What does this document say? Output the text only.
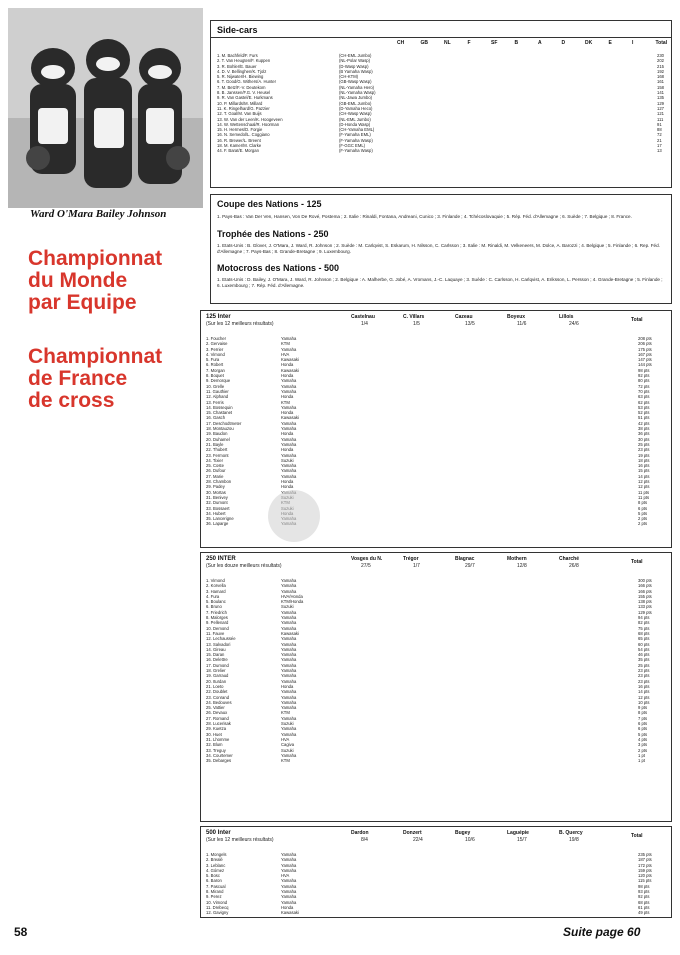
Ward O'Mara Bailey Johnson
Championnat
du Monde
par Equipe
Championnat
de France
de cross
Side-cars
CH	GB	NL	F	SF	B	A	D	DK	E	I	Total
1. M. Bachfeld/F. Furs	(CH-EML Jumbo)	230
2. T. Van Heugten/F. Kuppen	(NL-Polar Wasp)	202
3. R. Bohler/E. Bauer	(D-Wasp Wasp)	215
4. D. V. Bellinghen/K. Tjolz	(B Yamaha Wasp)	192
5. R. Nijwater/H. Biewing	(CH-KTM)	168
6. T. Good/G. Withers/A. Hunter	(GB-Wasp Wasp)	161
7. M. Betz/F.-V. Deutekom	(NL-Yamaha Hero)	158
8. B. Janssen/F.G. V. Heusel	(NL-Yamaha Wasp)	141
9. R. Van Gastel/E. Hurkmans	(NL-Jawa Jumbo)	135
10. P. Millards/M. Millard	(GB-EML Jumbo)	129
11. K. Ringelhard/G. Pazzier	(D-Yamaha Heco)	127
12. T. Goal/M. Van Buijs	(CH-Wasp Wasp)	121
13. W. Van der Leen/K. Hoogeveen	(NL-EML Jumbo)	111
14. W. Wettenschaal/R. Hoorman	(D-Honda Wasp)	91
15. H. Hermes/D. Forgie	(CH-Yamaha EML)	88
16. N. Semedol/L. Coggiano	(F-Yamaha EML)	72
16. R. Brewer/L. Breent	(F-Yamaha Wasp)	21
18. M. Kamer/M. Clarke	(F-GGC EML)	17
44. F. Barat/E. Morgan	(F-Yamaha Wasp)	13
Coupe des Nations - 125
1. Pays-Bas : Van Der Ven, Hansen, Von De Rové, Postema ; 2. Italie : Rinaldi, Fontana, Andreani, Cunico ; 3. Finlande ; 4. Tchécoslovaquie ; 5. Rép. Féd. d'Allemagne ; 6. Suède ; 7. Belgique ; 8. France.
Trophée des Nations - 250
1. Etats-Unis : B. Glover, J. O'Mara, J. Ward, R. Johnson ; 2. Suède : M. Carlqvist, S. Eskarum, H. Nilsson, C. Carlsson ; 3. Italie : M. Rinaldi, M. Velkeneers, M. Dolce, A. Barozzi ; 4. Belgique ; 5. Finlande ; 6. Rep. Féd. d'Allemagne ; 7. Pays-Bas ; 8. Grande-Bretagne ; 9. Luxembourg.
Motocross des Nations - 500
1. Etats-Unis : D. Bailey, J. O'Mara, J. Ward, R. Johnson ; 2. Belgique : A. Malherbe, G. Jobé, A. Vromans, J.-C. Laquaye ; 3. Suède : C. Carlsson, H. Carlqvist, A. Eriksson, L. Persson ; 4. Grande-Bretagne ; 5. Finlande ; 6. Luxembourg ; 7. Rép. Féd. d'Allemagne.
125 Inter
(Sur les 12 meilleurs résultats)
Castelnau
1/4
C. Villars
1/5
Cazeau
13/5
Boyeux
11/6
Lillois
24/6
Total
1. Foucher	Yamaha	208 pts
2. Gervaise	KTM	206 pts
3. Perrier	Yamaha	175 pts
4. Vimond	HVA	167 pts
5. Fura	Kawasaki	147 pts
6. Robert	Honda	144 pts
7. Morgan	Kawasaki	98 pts
8. Boquet	Honda	92 pts
9. Demorque	Yamaha	80 pts
10. Grelle	Yamaha	72 pts
11. Gauthier	Yamaha	70 pts
12. Alphand	Honda	63 pts
13. Ferris	KTM	62 pts
14. Bossequin	Yamaha	53 pts
15. Chastanet	Honda	52 pts
16. Gasch	Kawasaki	51 pts
17. Deschodtmeter	Yamaha	42 pts
18. Montauzou	Yamaha	38 pts
19. Baudon	Honda	36 pts
20. Duhamel	Yamaha	30 pts
21. Bayle	Yamaha	25 pts
22. Thubert	Honda	23 pts
23. Fermont	Yamaha	19 pts
24. Tixier	Suzuki	18 pts
25. Coste	Yamaha	16 pts
26. Dufour	Yamaha	15 pts
27. Marie	Yamaha	14 pts
28. Chambon	Honda	12 pts
29. Padey	Honda	12 pts
30. Mortas	11 pts
31. Benivey	11 pts
32. Dumont	8 pts
33. Bossaert	6 pts
34. Hubert	5 pts
35. Lancerigne	2 pts
36. Laparge	2 pts
250 INTER
(Sur les douze meilleurs résultats)
Vosges du N.
27/5
Trégor
1/7
Blagnac
29/7
Mothern
12/8
Charché
26/8
Total
1. Vimond	Yamaha	300 pts
2. Korvella	Yamaha	166 pts
3. Hamard	Yamaha	166 pts
4. Fura	HVA/Honda	155 pts
5. Boulanc	KTM/Honda	138 pts
6. Bruno	Suzuki	133 pts
7. Friedrich	Yamaha	129 pts
8. Malorges	Yamaha	94 pts
9. Pellenard	Yamaha	82 pts
10. Demond	Yamaha	75 pts
11. Fauve	Kawasaki	68 pts
12. Lechaussée	Yamaha	65 pts
13. Salvadori	Yamaha	60 pts
14. Gireau	Yamaha	54 pts
15. Daran	Yamaha	46 pts
16. Delettre	Yamaha	35 pts
17. Dumond	Yamaha	25 pts
18. Grelier	Yamaha	23 pts
19. Garraud	Yamaha	23 pts
20. Iturdan	Yamaha	23 pts
21. Loeto	Honda	16 pts
22. Doublet	Yamaha	14 pts
23. Conrand	Yamaha	12 pts
24. Bedouves	Yamaha	10 pts
25. Vattier	Yamaha	9 pts
26. Devaux	KTM	8 pts
27. Romand	Yamaha	7 pts
28. Lucerisak	Suzuki	6 pts
29. Kuetza	Yamaha	6 pts
30. Huet	Yamaha	5 pts
31. Lhomme	HVA	4 pts
32. Blum	Cagiva	3 pts
33. Treguy	Suzuki	2 pts
34. Courtemer	Yamaha	1 pt
35. Debarges	KTM	1 pt
500 Inter
(Sur les 12 meilleurs résultats)
Dardon
8/4
Donzert
22/4
Bugey
10/6
Laguépie
15/7
B. Quercy
19/8
Total
1. Mongels	Yamaha	235 pts
2. Brealé	Yamaha	187 pts
3. Leblanc	Yamaha	172 pts
4. Gómez	Yamaha	159 pts
5. Bosc	HVA	120 pts
6. Baron	Yamaha	115 pts
7. Pascual	Yamaha	98 pts
8. Mirand	Yamaha	93 pts
9. Perez	Yamaha	92 pts
10. Vimond	Yamaha	68 pts
11. Drebecq	Honda	61 pts
12. Gavigny	Kawasaki	49 pts
58	Suite page 60
